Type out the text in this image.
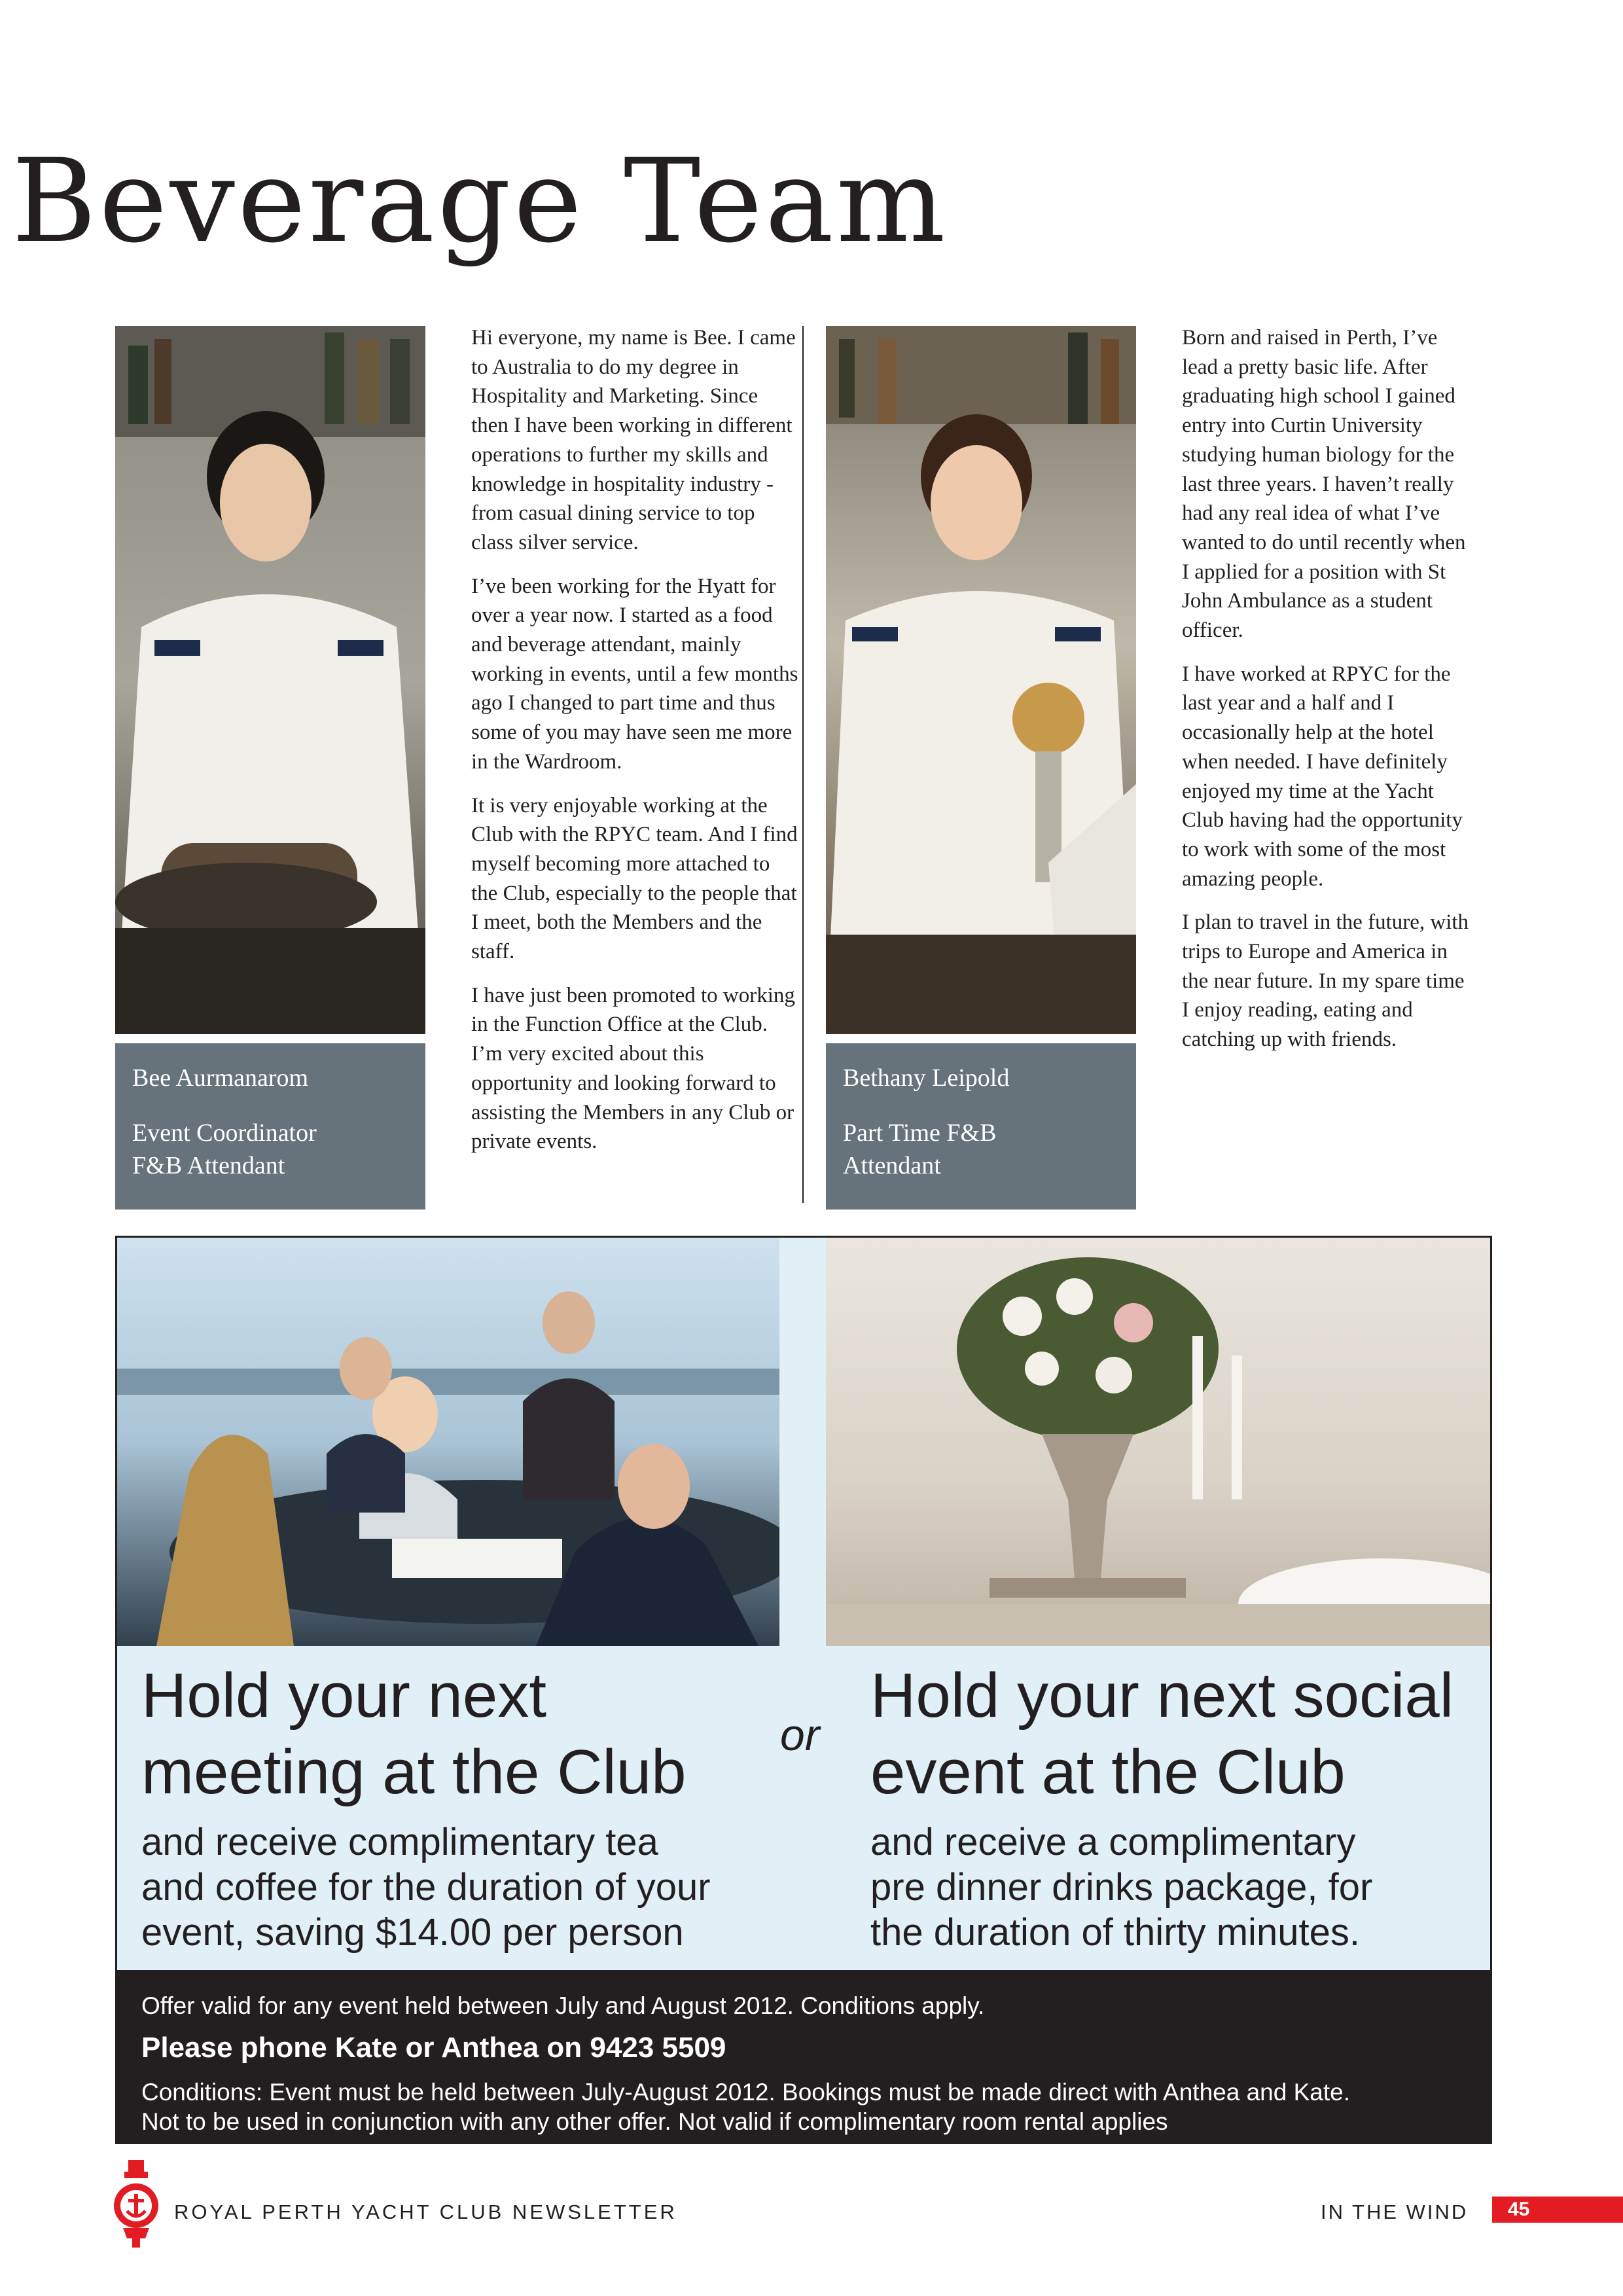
Beverage Team
Bee Aurmanarom
Event Coordinator
F&B Attendant

Hi everyone, my name is Bee. I came to Australia to do my degree in Hospitality and Marketing. Since then I have been working in different operations to further my skills and knowledge in hospitality industry - from casual dining service to top class silver service.

I’ve been working for the Hyatt for over a year now. I started as a food and beverage attendant, mainly working in events, until a few months ago I changed to part time and thus some of you may have seen me more in the Wardroom.

It is very enjoyable working at the Club with the RPYC team. And I find myself becoming more attached to the Club, especially to the people that I meet, both the Members and the staff.

I have just been promoted to working in the Function Office at the Club. I’m very excited about this opportunity and looking forward to assisting the Members in any Club or private events.

Bethany Leipold
Part Time F&B
Attendant

Born and raised in Perth, I’ve lead a pretty basic life. After graduating high school I gained entry into Curtin University studying human biology for the last three years. I haven’t really had any real idea of what I’ve wanted to do until recently when I applied for a position with St John Ambulance as a student officer.

I have worked at RPYC for the last year and a half and I occasionally help at the hotel when needed. I have definitely enjoyed my time at the Yacht Club having had the opportunity to work with some of the most amazing people.

I plan to travel in the future, with trips to Europe and America in the near future. In my spare time I enjoy reading, eating and catching up with friends.

Hold your next
meeting at the Club
and receive complimentary tea
and coffee for the duration of your
event, saving $14.00 per person
or
Hold your next social
event at the Club
and receive a complimentary
pre dinner drinks package, for
the duration of thirty minutes.
Offer valid for any event held between July and August 2012. Conditions apply.
Please phone Kate or Anthea on 9423 5509
Conditions: Event must be held between July-August 2012. Bookings must be made direct with Anthea and Kate.
Not to be used in conjunction with any other offer. Not valid if complimentary room rental applies
ROYAL PERTH YACHT CLUB NEWSLETTER	IN THE WIND	45
